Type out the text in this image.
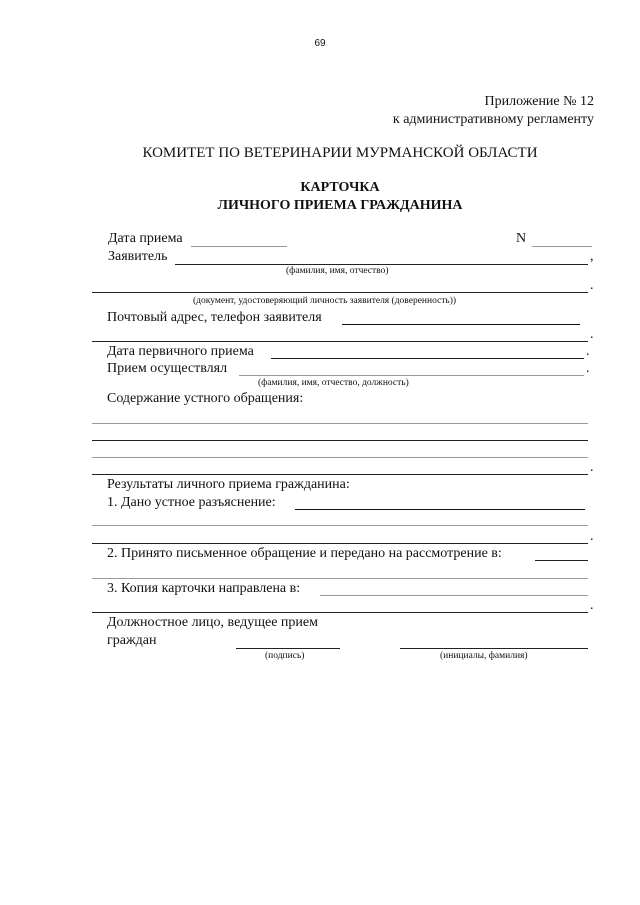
69
Приложение № 12
к административному регламенту
КОМИТЕТ ПО ВЕТЕРИНАРИИ МУРМАНСКОЙ ОБЛАСТИ
КАРТОЧКА
ЛИЧНОГО ПРИЕМА ГРАЖДАНИНА
Дата приема	N
Заявитель	,
(фамилия, имя, отчество)
.
(документ, удостоверяющий личность заявителя (доверенность))
Почтовый адрес, телефон заявителя
.
Дата первичного приема	.
Прием осуществлял	.
(фамилия, имя, отчество, должность)
Содержание устного обращения:
.
Результаты личного приема гражданина:
1. Дано устное разъяснение:
.
2. Принято письменное обращение и передано на рассмотрение в:
3. Копия карточки направлена в:
.
Должностное лицо, ведущее прием
граждан
(подпись)	(инициалы, фамилия)
